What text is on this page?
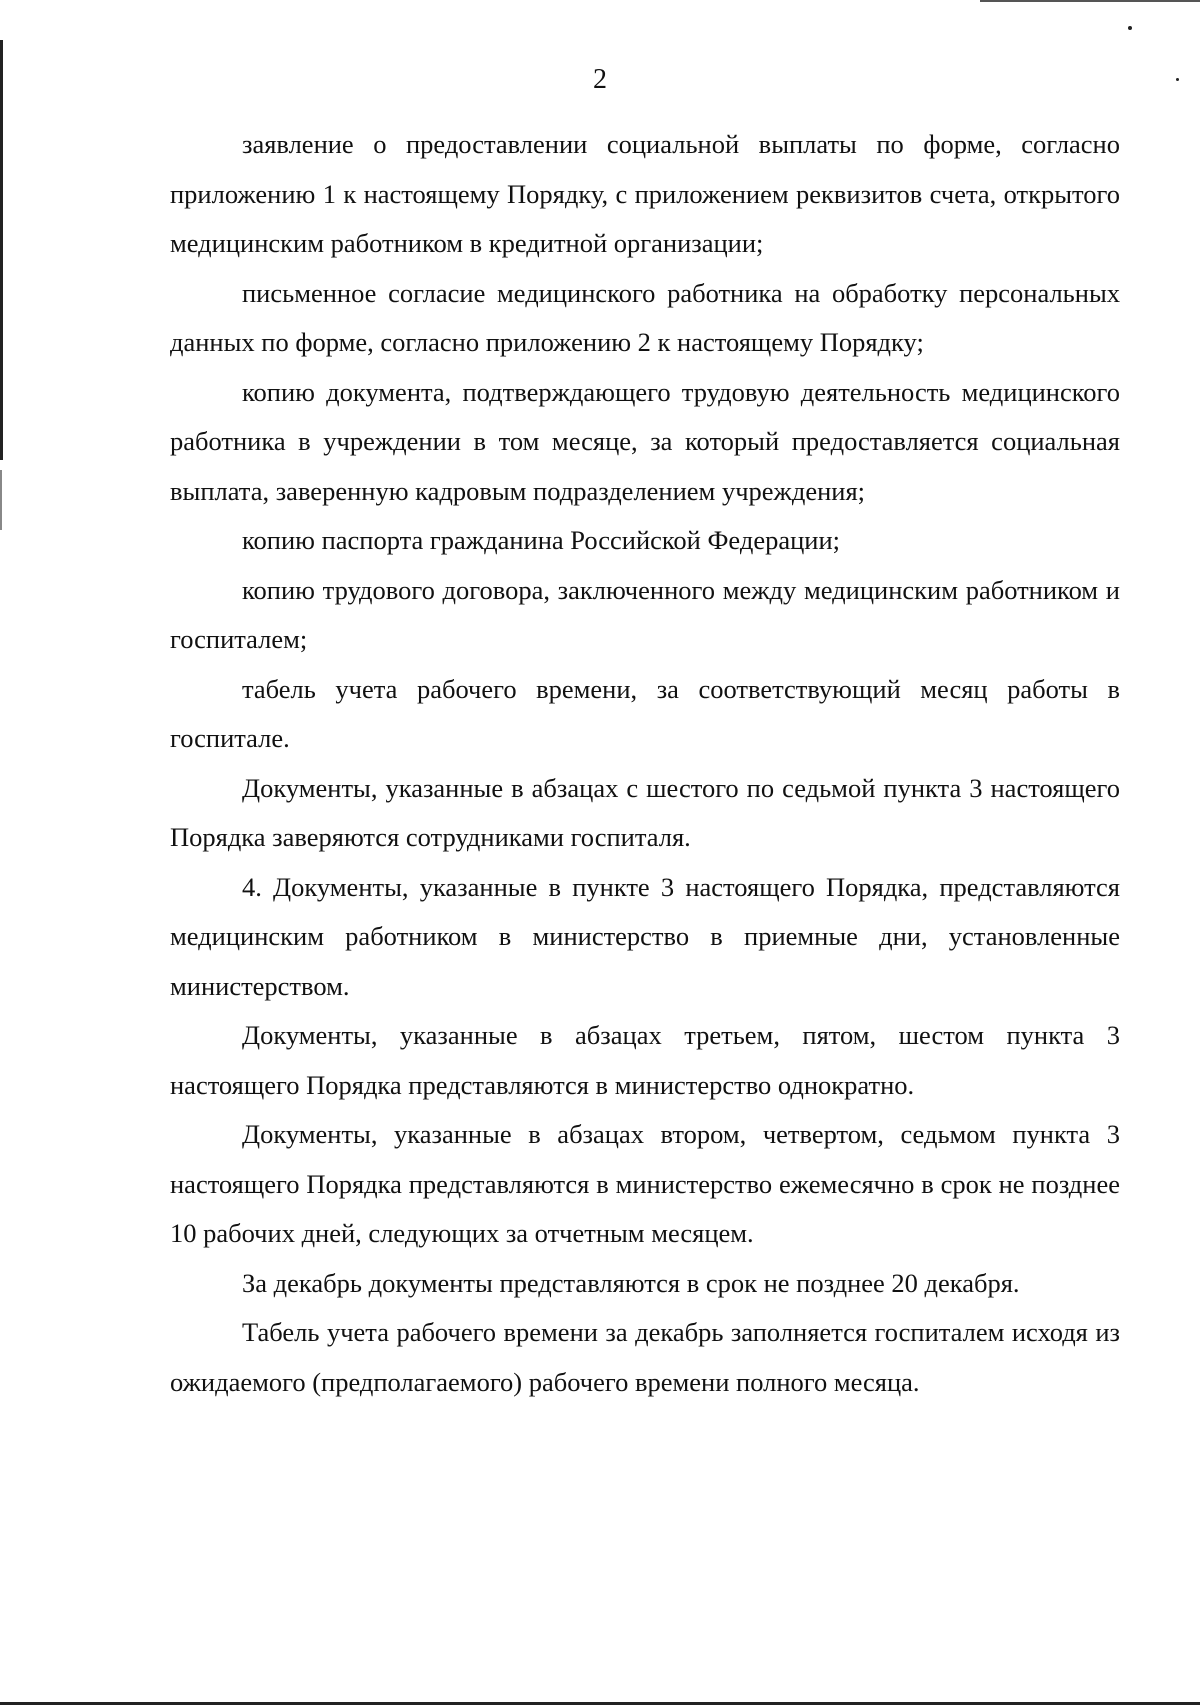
2

заявление о предоставлении социальной выплаты по форме, согласно приложению 1 к настоящему Порядку, с приложением реквизитов счета, открытого медицинским работником в кредитной организации;

письменное согласие медицинского работника на обработку персональных данных по форме, согласно приложению 2 к настоящему Порядку;

копию документа, подтверждающего трудовую деятельность медицинского работника в учреждении в том месяце, за который предоставляется социальная выплата, заверенную кадровым подразделением учреждения;

копию паспорта гражданина Российской Федерации;

копию трудового договора, заключенного между медицинским работником и госпиталем;

табель учета рабочего времени, за соответствующий месяц работы в госпитале.

Документы, указанные в абзацах с шестого по седьмой пункта 3 настоящего Порядка заверяются сотрудниками госпиталя.

4. Документы, указанные в пункте 3 настоящего Порядка, представляются медицинским работником в министерство в приемные дни, установленные министерством.

Документы, указанные в абзацах третьем, пятом, шестом пункта 3 настоящего Порядка представляются в министерство однократно.

Документы, указанные в абзацах втором, четвертом, седьмом пункта 3 настоящего Порядка представляются в министерство ежемесячно в срок не позднее 10 рабочих дней, следующих за отчетным месяцем.

За декабрь документы представляются в срок не позднее 20 декабря.

Табель учета рабочего времени за декабрь заполняется госпиталем исходя из ожидаемого (предполагаемого) рабочего времени полного месяца.
